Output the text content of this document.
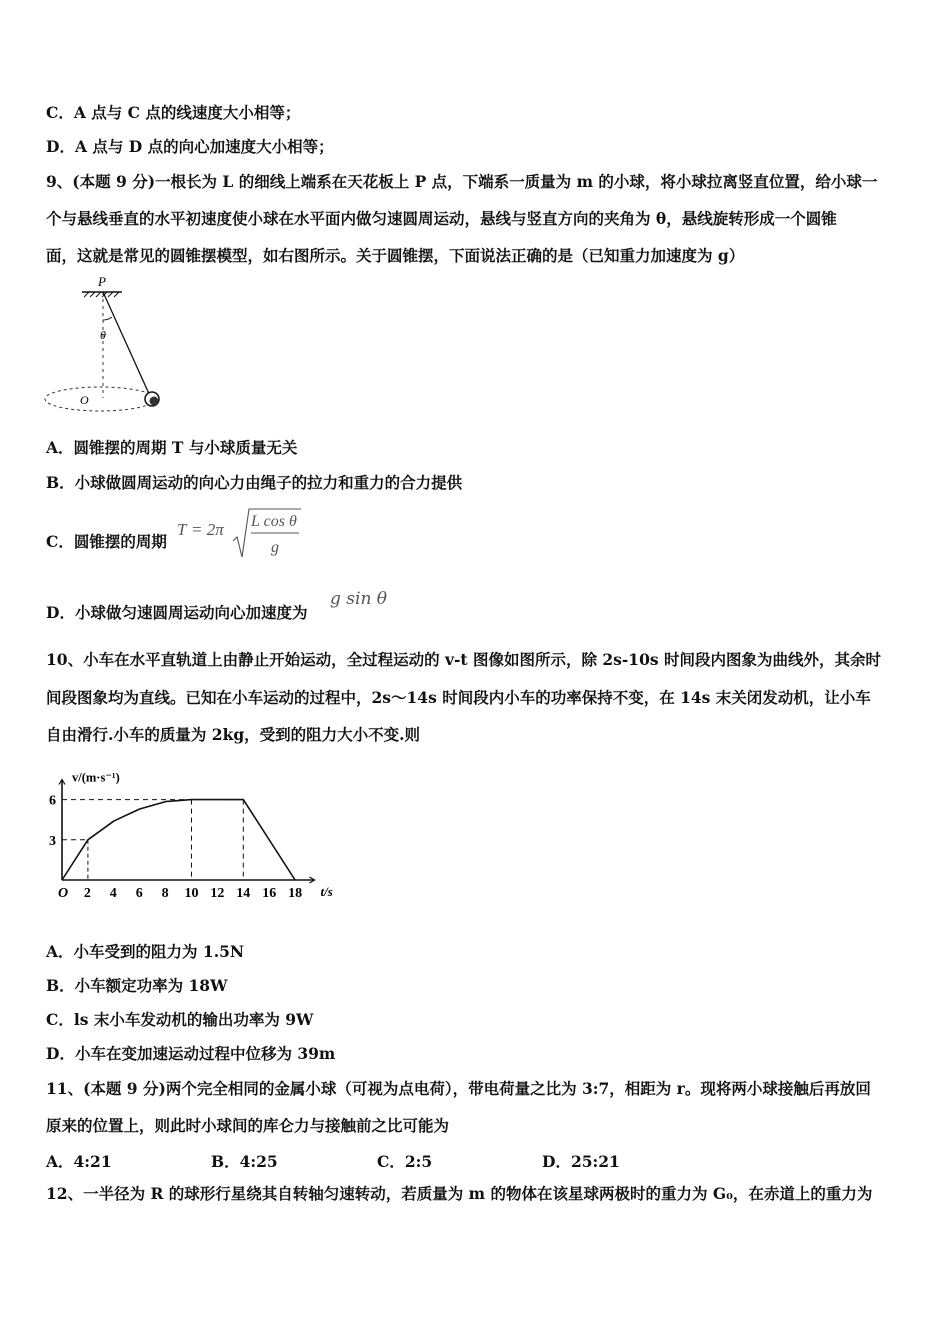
C．A 点与 C 点的线速度大小相等；
D．A 点与 D 点的向心加速度大小相等；
9、(本题 9 分)一根长为 L 的细线上端系在天花板上 P 点，下端系一质量为 m 的小球，将小球拉离竖直位置，给小球一
个与悬线垂直的水平初速度使小球在水平面内做匀速圆周运动，悬线与竖直方向的夹角为 θ，悬线旋转形成一个圆锥
面，这就是常见的圆锥摆模型，如右图所示。关于圆锥摆，下面说法正确的是（已知重力加速度为 g）
P
θ
O
A．圆锥摆的周期 T 与小球质量无关
B．小球做圆周运动的向心力由绳子的拉力和重力的合力提供
C．圆锥摆的周期
T = 2π L cos θ
g
D．小球做匀速圆周运动向心加速度为
g sin θ
10、小车在水平直轨道上由静止开始运动，全过程运动的 v-t 图像如图所示，除 2s-10s 时间段内图象为曲线外，其余时
间段图象均为直线。已知在小车运动的过程中，2s～14s 时间段内小车的功率保持不变，在 14s 末关闭发动机，让小车
自由滑行.小车的质量为 2kg，受到的阻力大小不变.则
v/(m·s⁻¹)
t/s
O 2 4 6 8 10 12 14 16 18
3
6
A．小车受到的阻力为 1.5N
B．小车额定功率为 18W
C．ls 末小车发动机的输出功率为 9W
D．小车在变加速运动过程中位移为 39m
11、(本题 9 分)两个完全相同的金属小球（可视为点电荷），带电荷量之比为 3:7，相距为 r。现将两小球接触后再放回
原来的位置上，则此时小球间的库仑力与接触前之比可能为
A．4:21	B．4:25	C．2:5	D．25:21
12、一半径为 R 的球形行星绕其自转轴匀速转动，若质量为 m 的物体在该星球两极时的重力为 G₀，在赤道上的重力为
